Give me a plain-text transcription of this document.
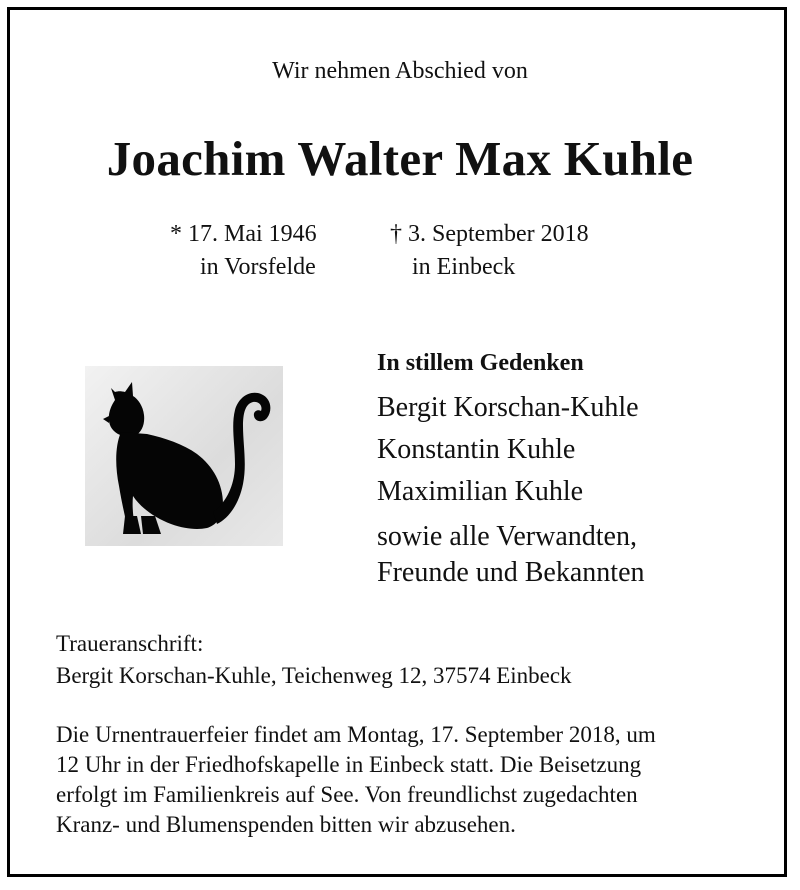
Wir nehmen Abschied von
Joachim Walter Max Kuhle
* 17. Mai 1946
in Vorsfelde
† 3. September 2018
in Einbeck
In stillem Gedenken
Bergit Korschan-Kuhle
Konstantin Kuhle
Maximilian Kuhle
sowie alle Verwandten,
Freunde und Bekannten
Traueranschrift:
Bergit Korschan-Kuhle, Teichenweg 12, 37574 Einbeck
Die Urnentrauerfeier findet am Montag, 17. September 2018, um
12 Uhr in der Friedhofskapelle in Einbeck statt. Die Beisetzung
erfolgt im Familienkreis auf See. Von freundlichst zugedachten
Kranz- und Blumenspenden bitten wir abzusehen.
